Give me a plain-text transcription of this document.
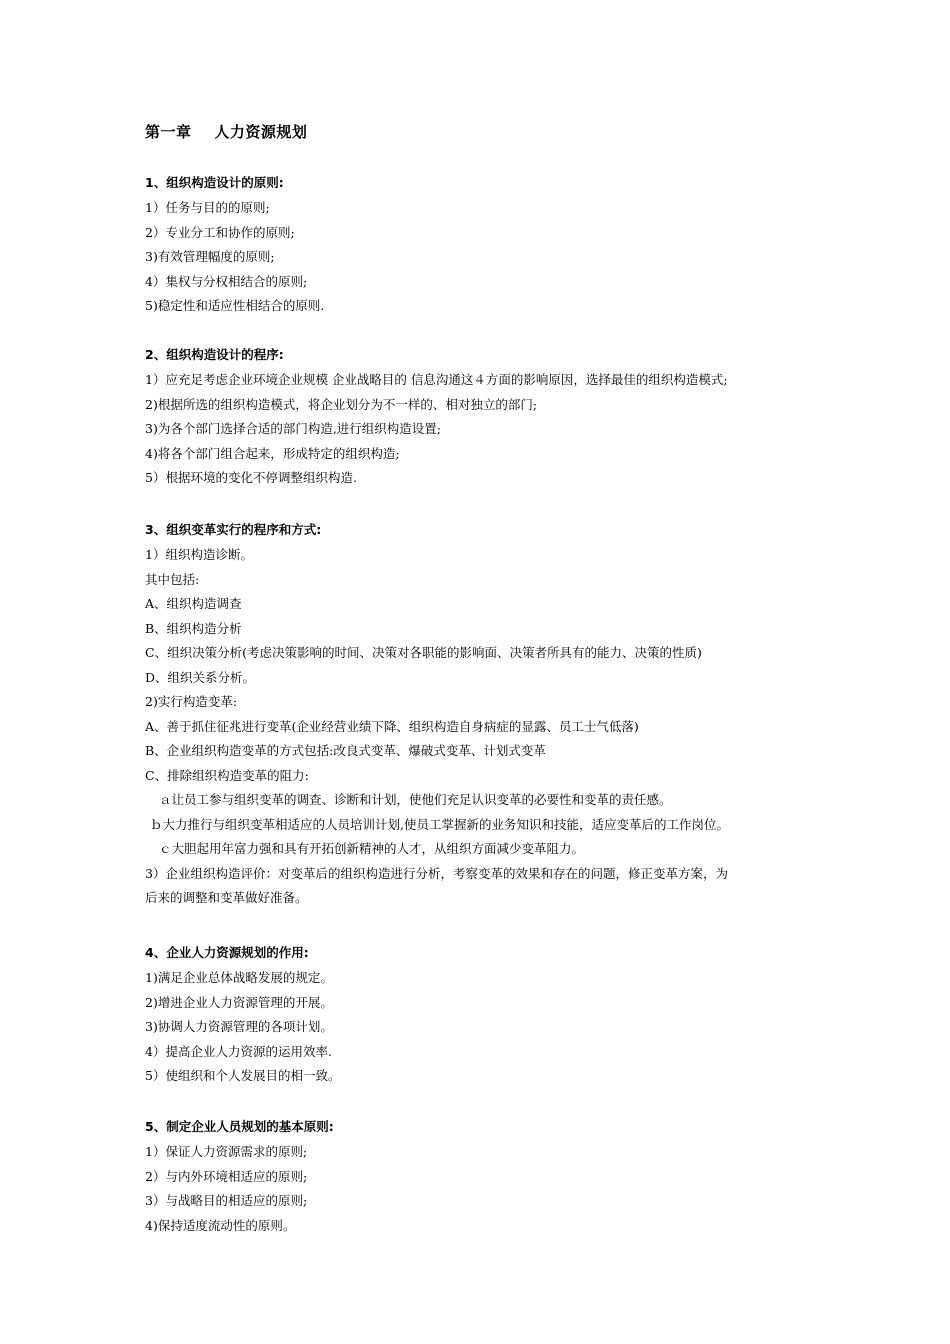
第一章    人力资源规划
1、组织构造设计的原则:
1）任务与目的的原则;
2）专业分工和协作的原则;
3)有效管理幅度的原则;
4）集权与分权相结合的原则;
5)稳定性和适应性相结合的原则.
2、组织构造设计的程序:
1）应充足考虑企业环境企业规模 企业战略目的 信息沟通这４方面的影响原因，选择最佳的组织构造模式;
2)根据所选的组织构造模式，将企业划分为不一样的、相对独立的部门;
3)为各个部门选择合适的部门构造,进行组织构造设置;
4)将各个部门组合起来，形成特定的组织构造;
5）根据环境的变化不停调整组织构造.
3、组织变革实行的程序和方式:
1）组织构造诊断。
其中包括:
A、组织构造调查
B、组织构造分析
C、组织决策分析(考虑决策影响的时间、决策对各职能的影响面、决策者所具有的能力、决策的性质)
D、组织关系分析。
2)实行构造变革:
A、善于抓住征兆进行变革(企业经营业绩下降、组织构造自身病症的显露、员工士气低落)
B、企业组织构造变革的方式包括:改良式变革、爆破式变革、计划式变革
C、排除组织构造变革的阻力:
ａ让员工参与组织变革的调查、诊断和计划，使他们充足认识变革的必要性和变革的责任感。
ｂ大力推行与组织变革相适应的人员培训计划,使员工掌握新的业务知识和技能，适应变革后的工作岗位。
ｃ大胆起用年富力强和具有开拓创新精神的人才，从组织方面减少变革阻力。
3）企业组织构造评价：对变革后的组织构造进行分析，考察变革的效果和存在的问题，修正变革方案，为
后来的调整和变革做好准备。
4、企业人力资源规划的作用:
1)满足企业总体战略发展的规定。
2)增进企业人力资源管理的开展。
3)协调人力资源管理的各项计划。
4）提高企业人力资源的运用效率.
5）使组织和个人发展目的相一致。
5、制定企业人员规划的基本原则:
1）保证人力资源需求的原则;
2）与内外环境相适应的原则;
3）与战略目的相适应的原则;
4)保持适度流动性的原则。
